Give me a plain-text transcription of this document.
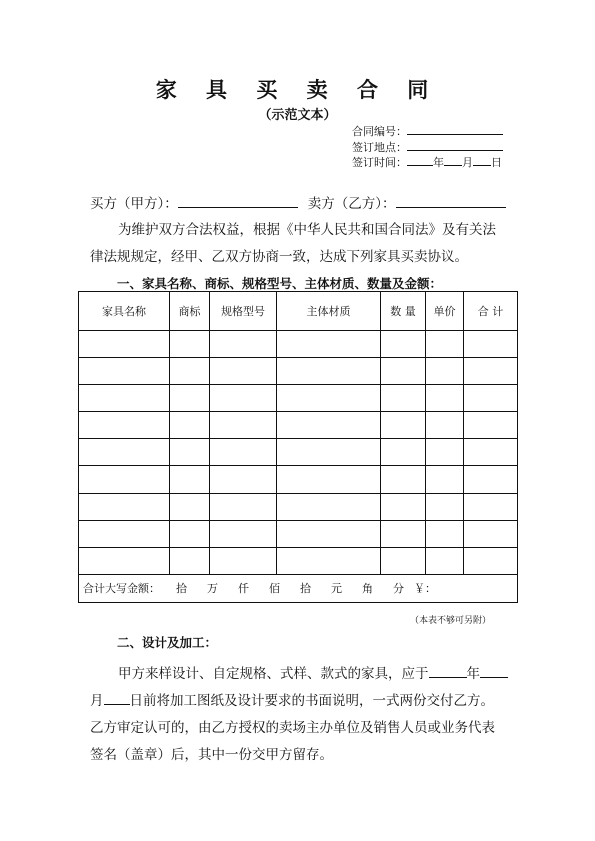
家 具 买 卖 合 同
（示范文本）
合同编号：
签订地点：
签订时间： 年 月 日
买方（甲方）：	卖方（乙方）：
为维护双方合法权益，根据《中华人民共和国合同法》及有关法
律法规规定，经甲、乙双方协商一致，达成下列家具买卖协议。
一、家具名称、商标、规格型号、主体材质、数量及金额：
家具名称	商标	规格型号	主体材质	数 量	单价	合 计

合计大写金额： 拾 万 仟 佰 拾 元 角 分 ￥：						
（本表不够可另附）
二、设计及加工：
甲方来样设计、自定规格、式样、款式的家具，应于	年
月 日前将加工图纸及设计要求的书面说明，一式两份交付乙方。
乙方审定认可的，由乙方授权的卖场主办单位及销售人员或业务代表
签名（盖章）后，其中一份交甲方留存。
